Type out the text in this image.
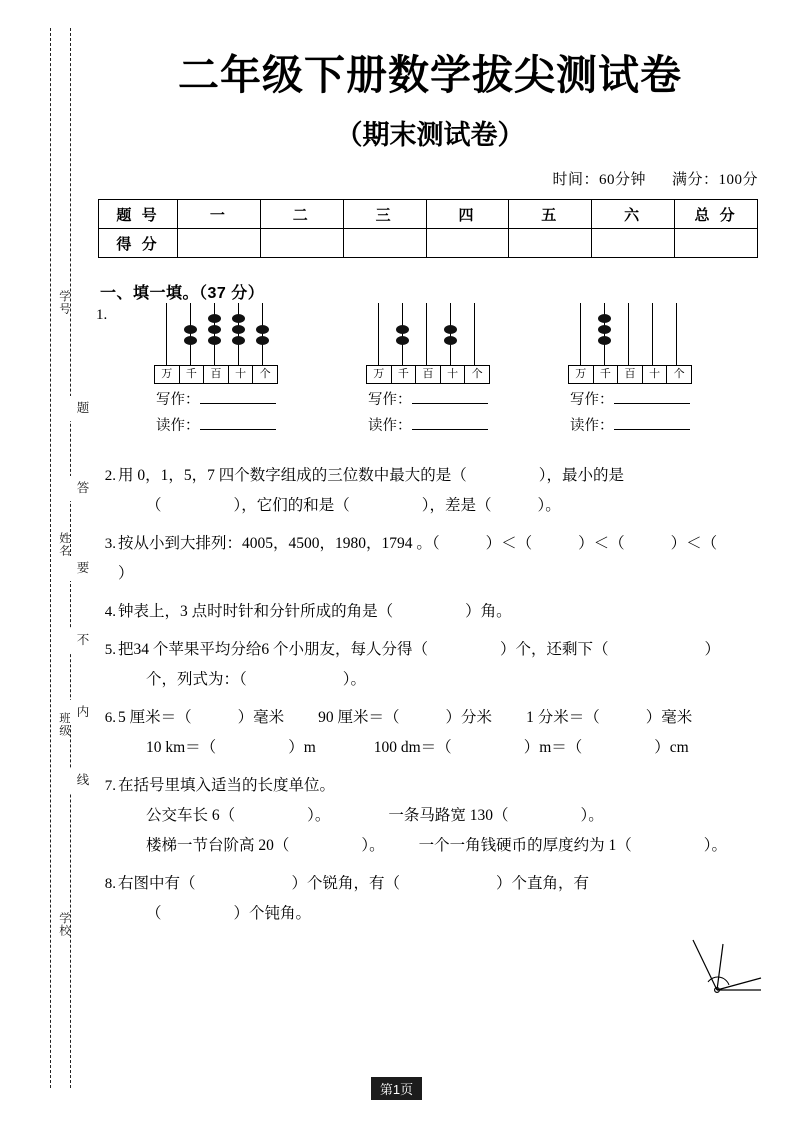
学号
姓名
班级
学校
题
答
要
不
内
线
二年级下册数学拔尖测试卷
（期末测试卷）
时间：60分钟 满分：100分
题 号	一	二	三	四	五	六	总 分
得 分							
一、填一填。（37 分）
1.
万	千	百	十	个
写作：
读作：
万	千	百	十	个
写作：
读作：
万	千	百	十	个
写作：
读作：
2. 用 0，1，5，7 四个数字组成的三位数中最大的是（	），最小的是
（	），它们的和是（	），差是（	）。
3. 按从小到大排列：4005，4500，1980，1794 。（	）＜（	）＜（	）＜（）
4. 钟表上，3 点时时针和分针所成的角是（	）角。
5. 把34 个苹果平均分给6 个小朋友，每人分得（	）个，还剩下（	）
个，列式为：（	）。
6. 5 厘米＝（	）毫米 90 厘米＝（	）分米 1 分米＝（	）毫米
10 km＝（	）m	100 dm＝（	）m＝（	）cm
7. 在括号里填入适当的长度单位。
公交车长 6（	）。	一条马路宽 130（	）。
楼梯一节台阶高 20（	）。 一个一角钱硬币的厚度约为 1（	）。
8. 右图中有（	）个锐角，有（	）个直角，有
（	）个钝角。
第1页
